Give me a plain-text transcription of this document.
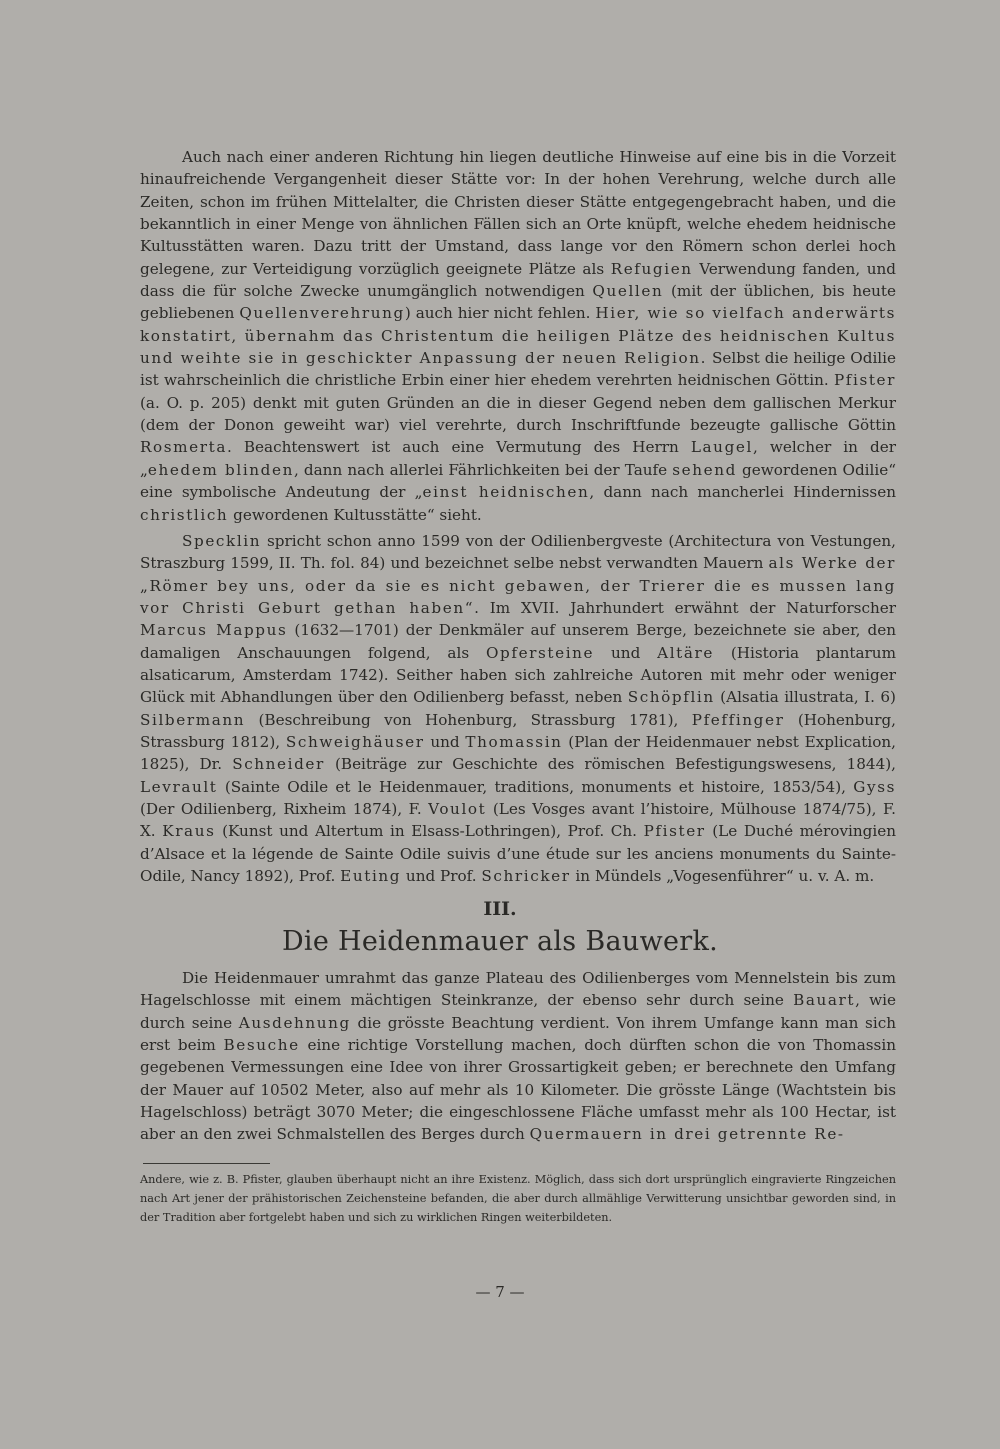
Auch nach einer anderen Richtung hin liegen deutliche Hinweise auf eine bis in die Vorzeit hinaufreichende Vergangenheit dieser Stätte vor: In der hohen Verehrung, welche durch alle Zeiten, schon im frühen Mittelalter, die Christen dieser Stätte entgegengebracht haben, und die bekanntlich in einer Menge von ähnlichen Fällen sich an Orte knüpft, welche ehedem heidnische Kultusstätten waren. Dazu tritt der Umstand, dass lange vor den Römern schon derlei hoch gelegene, zur Verteidigung vorzüglich geeignete Plätze als Refugien Verwendung fanden, und dass die für solche Zwecke unumgänglich notwendigen Quellen (mit der üblichen, bis heute gebliebenen Quellenverehrung) auch hier nicht fehlen. Hier, wie so vielfach anderwärts konstatirt, übernahm das Christentum die heiligen Plätze des heidnischen Kultus und weihte sie in geschickter Anpassung der neuen Religion. Selbst die heilige Odilie ist wahrscheinlich die christliche Erbin einer hier ehedem verehrten heidnischen Göttin. Pfister (a. O. p. 205) denkt mit guten Gründen an die in dieser Gegend neben dem gallischen Merkur (dem der Donon geweiht war) viel verehrte, durch Inschriftfunde bezeugte gallische Göttin Rosmerta. Beachtenswert ist auch eine Vermutung des Herrn Laugel, welcher in der „ehedem blinden, dann nach allerlei Fährlichkeiten bei der Taufe sehend gewordenen Odilie“ eine symbolische Andeutung der „einst heidnischen, dann nach mancherlei Hindernissen christlich gewordenen Kultusstätte“ sieht.

Specklin spricht schon anno 1599 von der Odilienbergveste (Architectura von Vestungen, Straszburg 1599, II. Th. fol. 84) und bezeichnet selbe nebst verwandten Mauern als Werke der „Römer bey uns, oder da sie es nicht gebawen, der Trierer die es mussen lang vor Christi Geburt gethan haben“. Im XVII. Jahrhundert erwähnt der Naturforscher Marcus Mappus (1632—1701) der Denkmäler auf unserem Berge, bezeichnete sie aber, den damaligen Anschauungen folgend, als Opfersteine und Altäre (Historia plantarum alsaticarum, Amsterdam 1742). Seither haben sich zahlreiche Autoren mit mehr oder weniger Glück mit Abhandlungen über den Odilienberg befasst, neben Schöpflin (Alsatia illustrata, I. 6) Silbermann (Beschreibung von Hohenburg, Strassburg 1781), Pfeffinger (Hohenburg, Strassburg 1812), Schweighäuser und Thomassin (Plan der Heidenmauer nebst Explication, 1825), Dr. Schneider (Beiträge zur Geschichte des römischen Befestigungswesens, 1844), Levrault (Sainte Odile et le Heidenmauer, traditions, monuments et histoire, 1853/54), Gyss (Der Odilienberg, Rixheim 1874), F. Voulot (Les Vosges avant l’histoire, Mülhouse 1874/75), F. X. Kraus (Kunst und Altertum in Elsass-Lothringen), Prof. Ch. Pfister (Le Duché mérovingien d’Alsace et la légende de Sainte Odile suivis d’une étude sur les anciens monuments du Sainte-Odile, Nancy 1892), Prof. Euting und Prof. Schricker in Mündels „Vogesenführer“ u. v. A. m.

III.

Die Heidenmauer als Bauwerk.

Die Heidenmauer umrahmt das ganze Plateau des Odilienberges vom Mennelstein bis zum Hagelschlosse mit einem mächtigen Steinkranze, der ebenso sehr durch seine Bauart, wie durch seine Ausdehnung die grösste Beachtung verdient. Von ihrem Umfange kann man sich erst beim Besuche eine richtige Vorstellung machen, doch dürften schon die von Thomassin gegebenen Vermessungen eine Idee von ihrer Grossartigkeit geben; er berechnete den Umfang der Mauer auf 10502 Meter, also auf mehr als 10 Kilometer. Die grösste Länge (Wachtstein bis Hagelschloss) beträgt 3070 Meter; die eingeschlossene Fläche umfasst mehr als 100 Hectar, ist aber an den zwei Schmalstellen des Berges durch Quermauern in drei getrennte Re-

Andere, wie z. B. Pfister, glauben überhaupt nicht an ihre Existenz. Möglich, dass sich dort ursprünglich eingravierte Ringzeichen nach Art jener der prähistorischen Zeichensteine befanden, die aber durch allmählige Verwitterung unsichtbar geworden sind, in der Tradition aber fortgelebt haben und sich zu wirklichen Ringen weiterbildeten.

— 7 —
